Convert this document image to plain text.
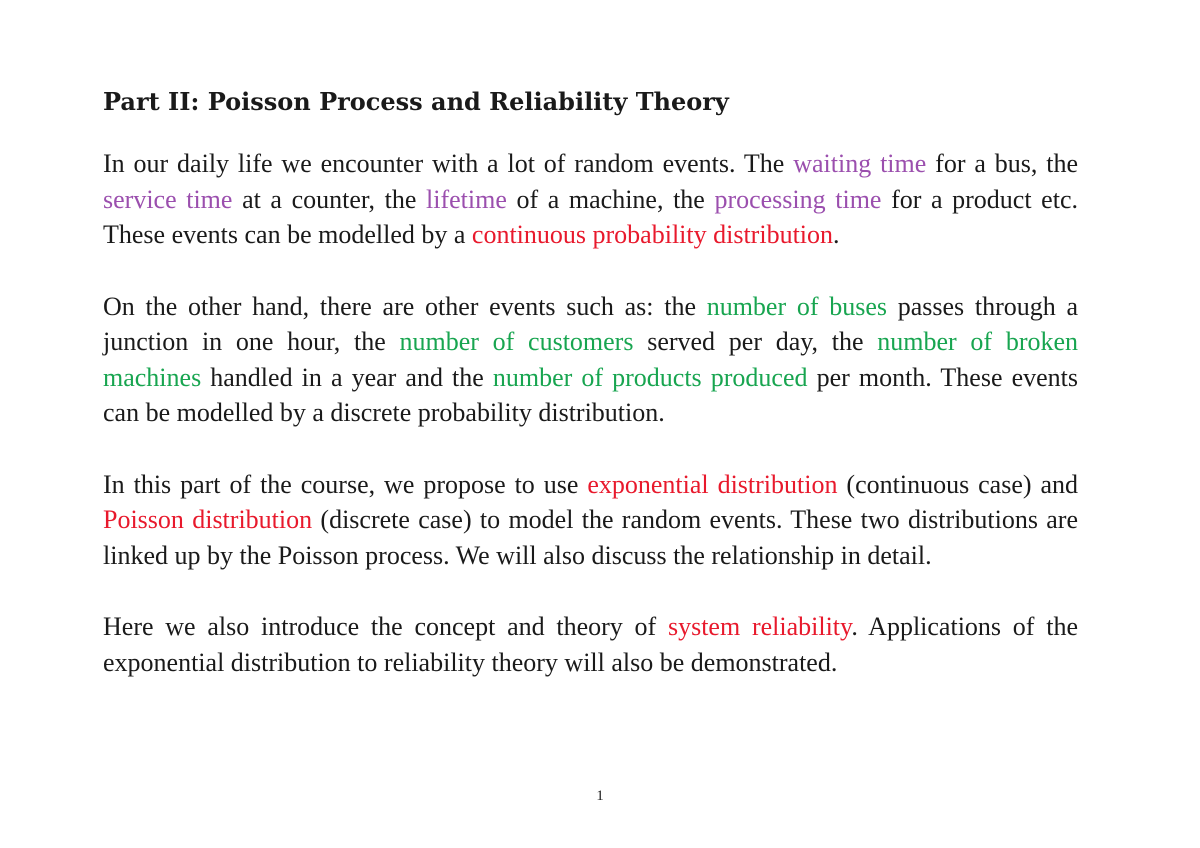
Part II: Poisson Process and Reliability Theory

In our daily life we encounter with a lot of random events. The waiting time for a bus, the service time at a counter, the lifetime of a machine, the processing time for a product etc. These events can be modelled by a continuous probability distribution.

On the other hand, there are other events such as: the number of buses passes through a junction in one hour, the number of customers served per day, the number of broken machines handled in a year and the number of products produced per month. These events can be modelled by a discrete probability distribution.

In this part of the course, we propose to use exponential distribution (continuous case) and Poisson distribution (discrete case) to model the random events. These two distributions are linked up by the Poisson process. We will also discuss the relationship in detail.

Here we also introduce the concept and theory of system reliability. Applications of the exponential distribution to reliability theory will also be demonstrated.

1
